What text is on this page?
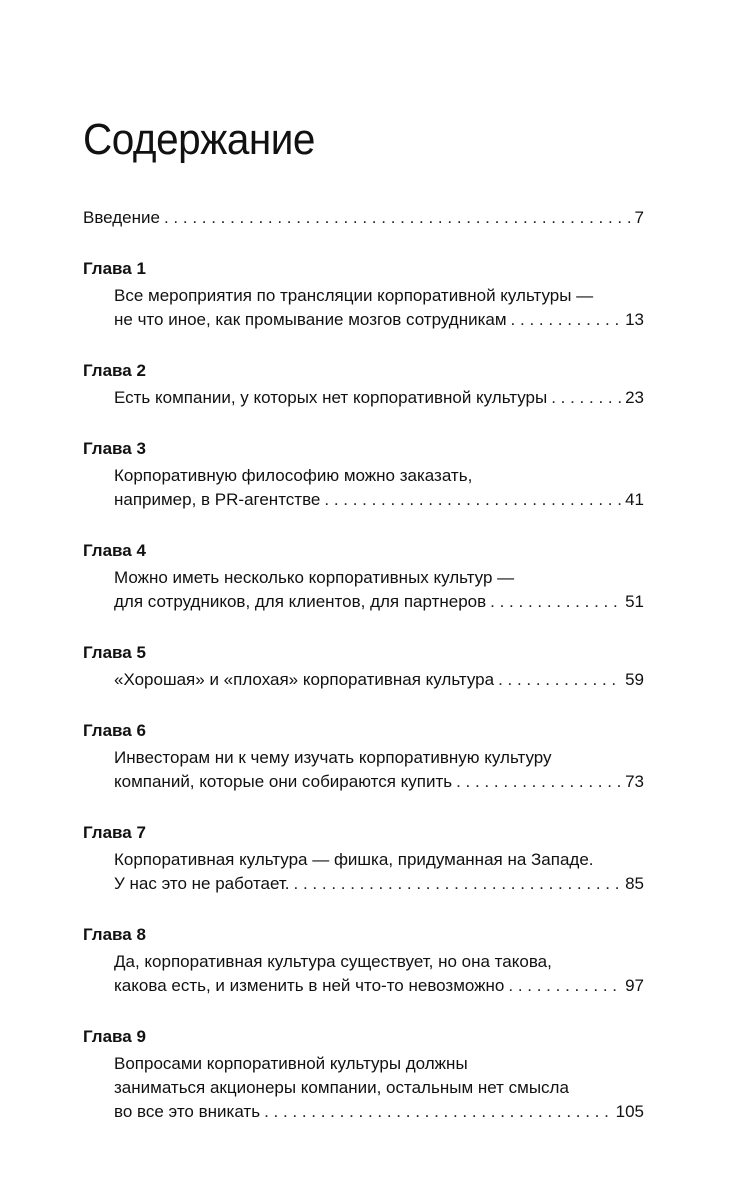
Содержание
Введение . . .	7
Глава 1
Все мероприятия по трансляции корпоративной культуры —
не что иное, как промывание мозгов сотрудникам . . .	13
Глава 2
Есть компании, у которых нет корпоративной культуры . . .	23
Глава 3
Корпоративную философию можно заказать,
например, в PR-агентстве . . .	41
Глава 4
Можно иметь несколько корпоративных культур —
для сотрудников, для клиентов, для партнеров . . .	51
Глава 5
«Хорошая» и «плохая» корпоративная культура . . .	59
Глава 6
Инвесторам ни к чему изучать корпоративную культуру
компаний, которые они собираются купить . . .	73
Глава 7
Корпоративная культура — фишка, придуманная на Западе.
У нас это не работает. . . .	85
Глава 8
Да, корпоративная культура существует, но она такова,
какова есть, и изменить в ней что-то невозможно . . .	97
Глава 9
Вопросами корпоративной культуры должны
заниматься акционеры компании, остальным нет смысла
во все это вникать . . .	105
